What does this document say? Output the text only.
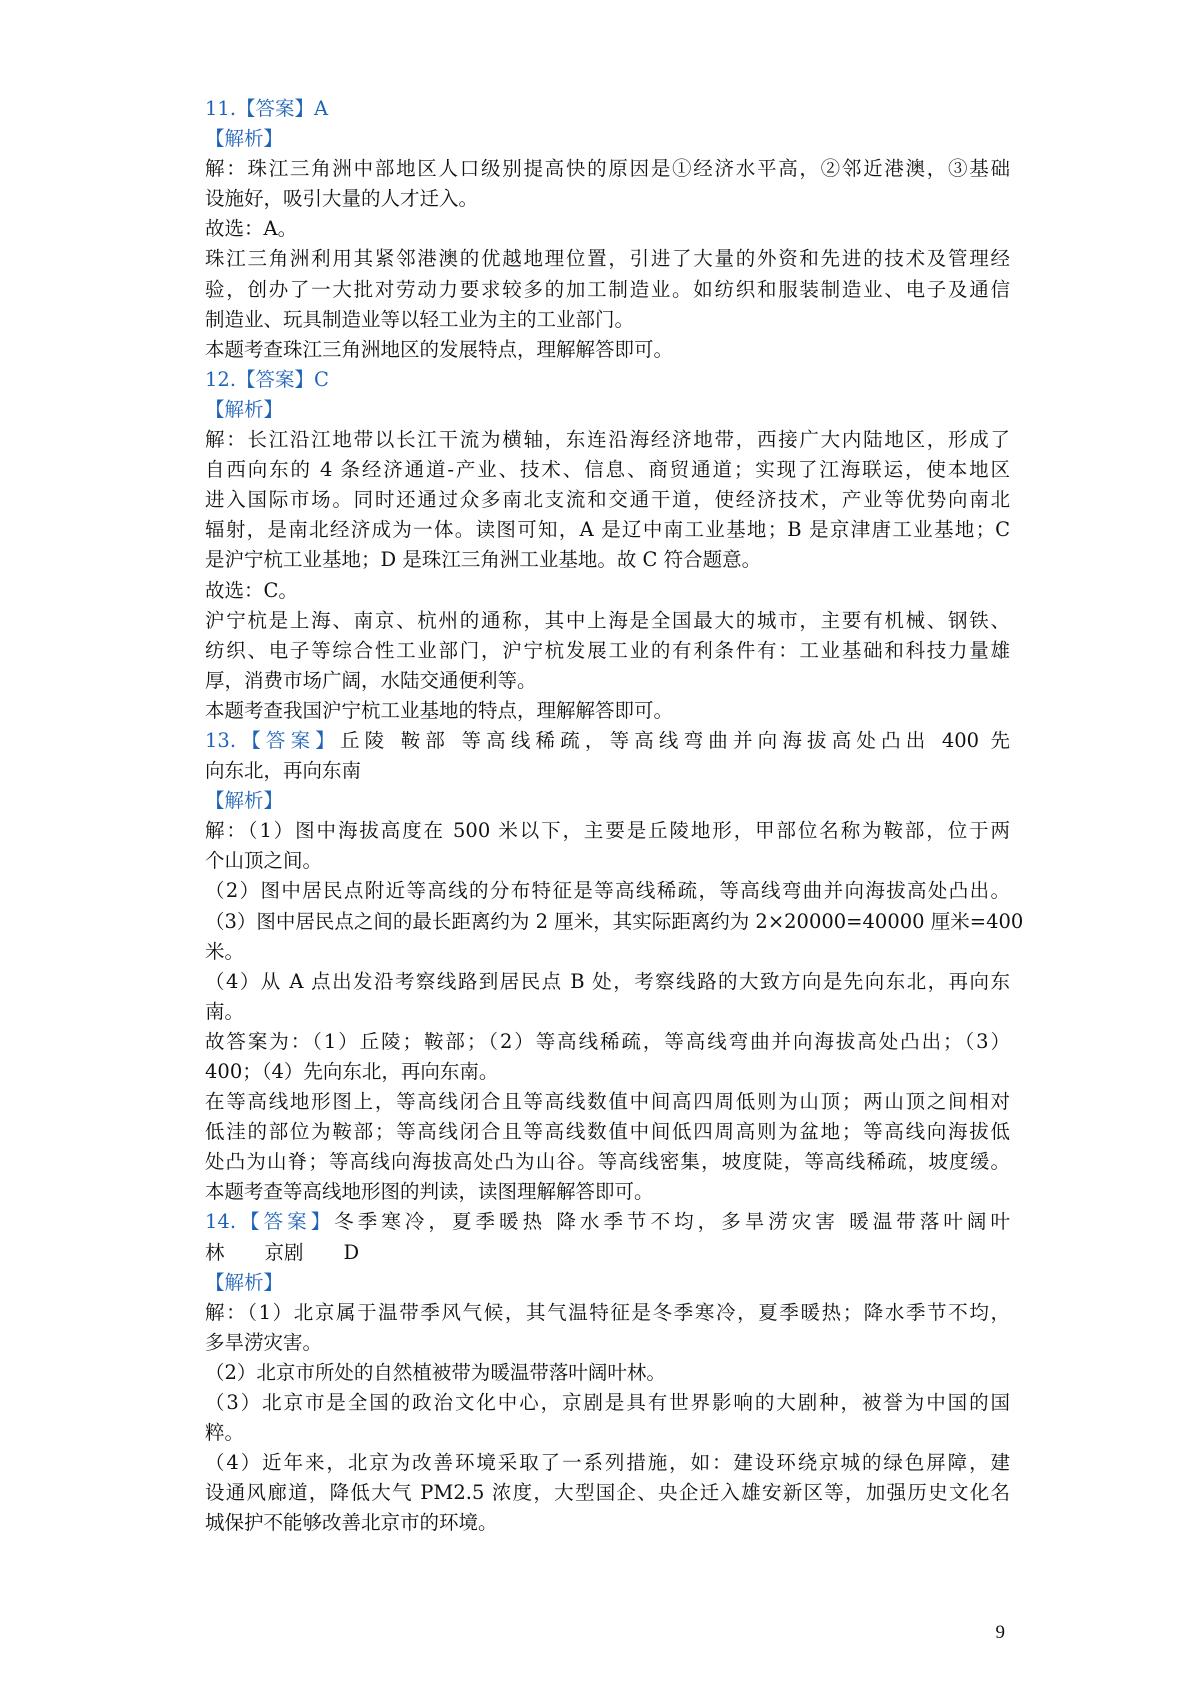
11.【答案】A

【解析】

解：珠江三角洲中部地区人口级别提高快的原因是①经济水平高，②邻近港澳，③基础

设施好，吸引大量的人才迁入。

故选：A。

珠江三角洲利用其紧邻港澳的优越地理位置，引进了大量的外资和先进的技术及管理经

验，创办了一大批对劳动力要求较多的加工制造业。如纺织和服装制造业、电子及通信

制造业、玩具制造业等以轻工业为主的工业部门。

本题考查珠江三角洲地区的发展特点，理解解答即可。

12.【答案】C

【解析】

解：长江沿江地带以长江干流为横轴，东连沿海经济地带，西接广大内陆地区，形成了

自西向东的 4 条经济通道-产业、技术、信息、商贸通道；实现了江海联运，使本地区

进入国际市场。同时还通过众多南北支流和交通干道，使经济技术，产业等优势向南北

辐射，是南北经济成为一体。读图可知，A 是辽中南工业基地；B 是京津唐工业基地；C

是沪宁杭工业基地；D 是珠江三角洲工业基地。故 C 符合题意。

故选：C。

沪宁杭是上海、南京、杭州的通称，其中上海是全国最大的城市，主要有机械、钢铁、

纺织、电子等综合性工业部门，沪宁杭发展工业的有利条件有：工业基础和科技力量雄

厚，消费市场广阔，水陆交通便利等。

本题考查我国沪宁杭工业基地的特点，理解解答即可。

13.【答案】丘陵 鞍部 等高线稀疏，等高线弯曲并向海拔高处凸出 400 先

向东北，再向东南

【解析】

解：（1）图中海拔高度在 500 米以下，主要是丘陵地形，甲部位名称为鞍部，位于两

个山顶之间。

（2）图中居民点附近等高线的分布特征是等高线稀疏，等高线弯曲并向海拔高处凸出。

（3）图中居民点之间的最长距离约为 2 厘米，其实际距离约为 2×20000=40000 厘米=400

米。

（4）从 A 点出发沿考察线路到居民点 B 处，考察线路的大致方向是先向东北，再向东

南。

故答案为：（1）丘陵；鞍部；（2）等高线稀疏，等高线弯曲并向海拔高处凸出；（3）

400；（4）先向东北，再向东南。

在等高线地形图上，等高线闭合且等高线数值中间高四周低则为山顶；两山顶之间相对

低洼的部位为鞍部；等高线闭合且等高线数值中间低四周高则为盆地；等高线向海拔低

处凸为山脊；等高线向海拔高处凸为山谷。等高线密集，坡度陡，等高线稀疏，坡度缓。

本题考查等高线地形图的判读，读图理解解答即可。

14.【答案】冬季寒冷，夏季暖热 降水季节不均，多旱涝灾害 暖温带落叶阔叶

林 京剧 D

【解析】

解：（1）北京属于温带季风气候，其气温特征是冬季寒冷，夏季暖热；降水季节不均，

多旱涝灾害。

（2）北京市所处的自然植被带为暖温带落叶阔叶林。

（3）北京市是全国的政治文化中心，京剧是具有世界影响的大剧种，被誉为中国的国

粹。

（4）近年来，北京为改善环境采取了一系列措施，如：建设环绕京城的绿色屏障，建

设通风廊道，降低大气 PM2.5 浓度，大型国企、央企迁入雄安新区等，加强历史文化名

城保护不能够改善北京市的环境。

9
